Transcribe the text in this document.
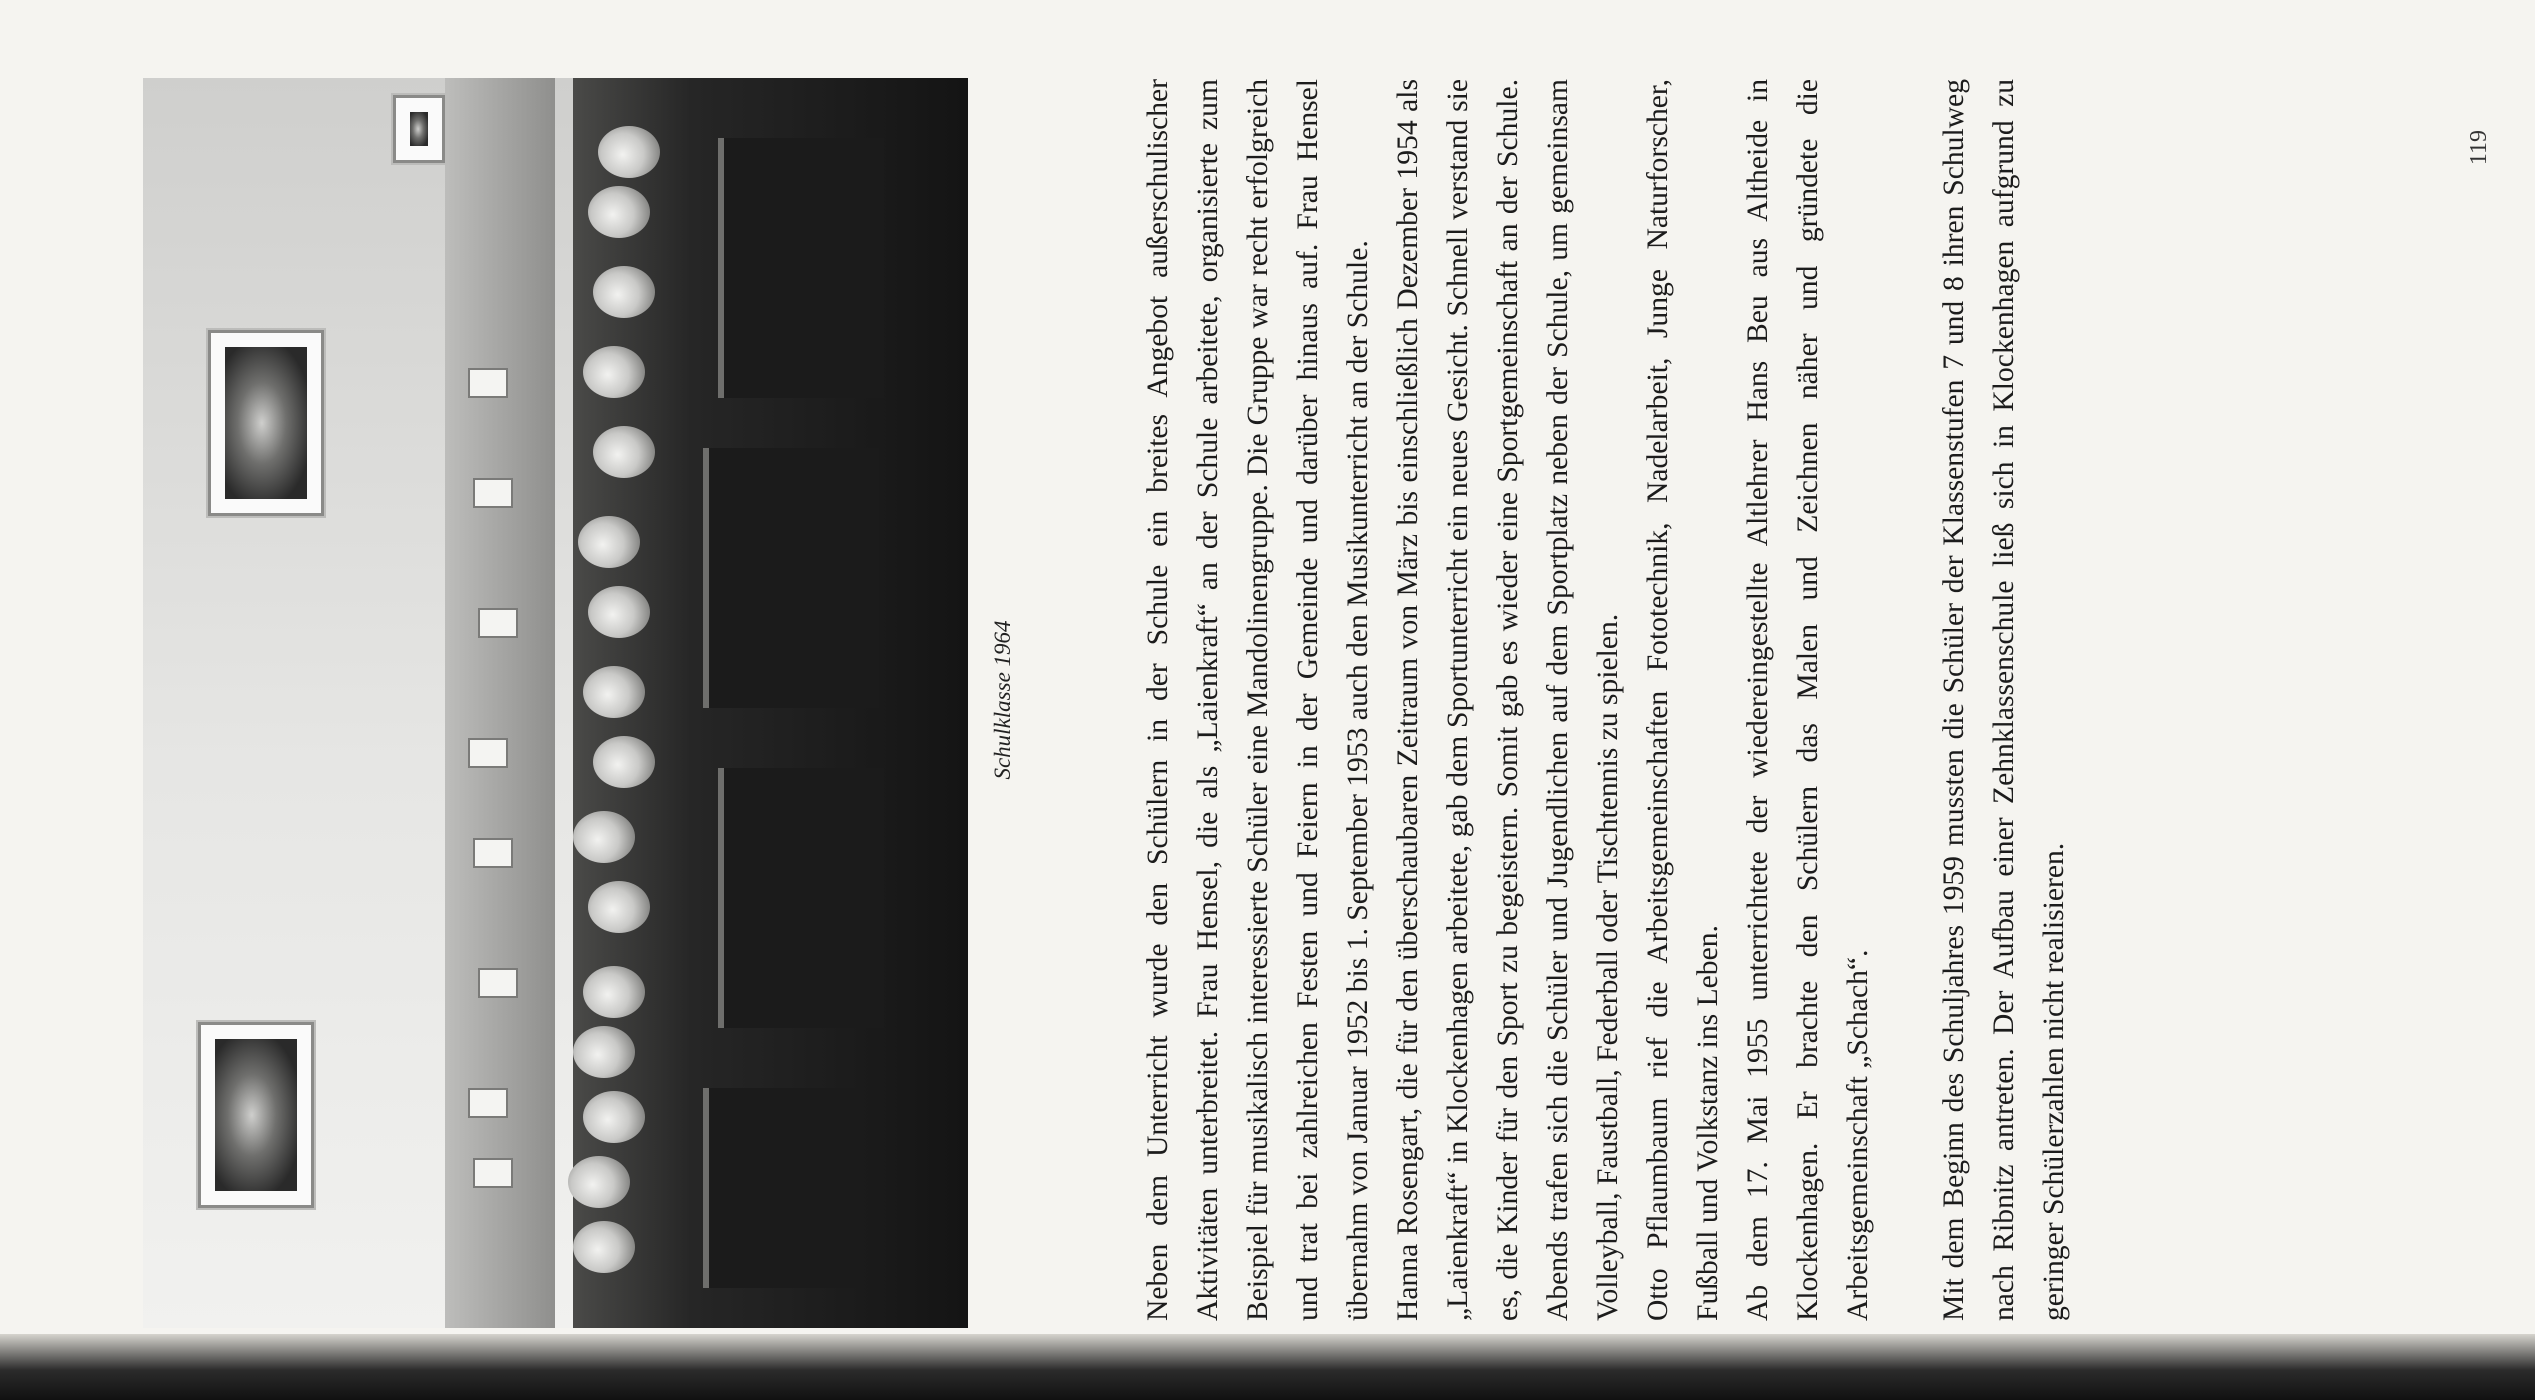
Schulklasse 1964	Neben dem Unterricht wurde den Schülern in der Schule ein breites Angebot außerschulischer Aktivitäten unterbreitet. Frau Hensel, die als „Laienkraft“ an der Schule arbeitete, organisierte zum Beispiel für musikalisch interessierte Schüler eine Mandolinengruppe. Die Gruppe war recht erfolgreich und trat bei zahlreichen Festen und Feiern in der Gemeinde und darüber hinaus auf. Frau Hensel übernahm von Januar 1952 bis 1. September 1953 auch den Musikunterricht an der Schule. Hanna Rosengart, die für den überschaubaren Zeitraum von März bis einschließlich Dezember 1954 als „Laienkraft“ in Klockenhagen arbeitete, gab dem Sportunterricht ein neues Gesicht. Schnell verstand sie es, die Kinder für den Sport zu begeistern. Somit gab es wieder eine Sportgemeinschaft an der Schule. Abends trafen sich die Schüler und Jugendlichen auf dem Sportplatz neben der Schule, um gemeinsam Volleyball, Faustball, Federball oder Tischtennis zu spielen. Otto Pflaumbaum rief die Arbeitsgemeinschaften Fototechnik, Nadelarbeit, Junge Naturforscher, Fußball und Volkstanz ins Leben. Ab dem 17. Mai 1955 unterrichtete der wiedereingestellte Altlehrer Hans Beu aus Altheide in Klockenhagen. Er brachte den Schülern das Malen und Zeichnen näher und gründete die Arbeitsgemeinschaft „Schach“.	Mit dem Beginn des Schuljahres 1959 mussten die Schüler der Klassenstufen 7 und 8 ihren Schulweg nach Ribnitz antreten. Der Aufbau einer Zehnklassenschule ließ sich in Klockenhagen aufgrund zu geringer Schülerzahlen nicht realisieren.
119
